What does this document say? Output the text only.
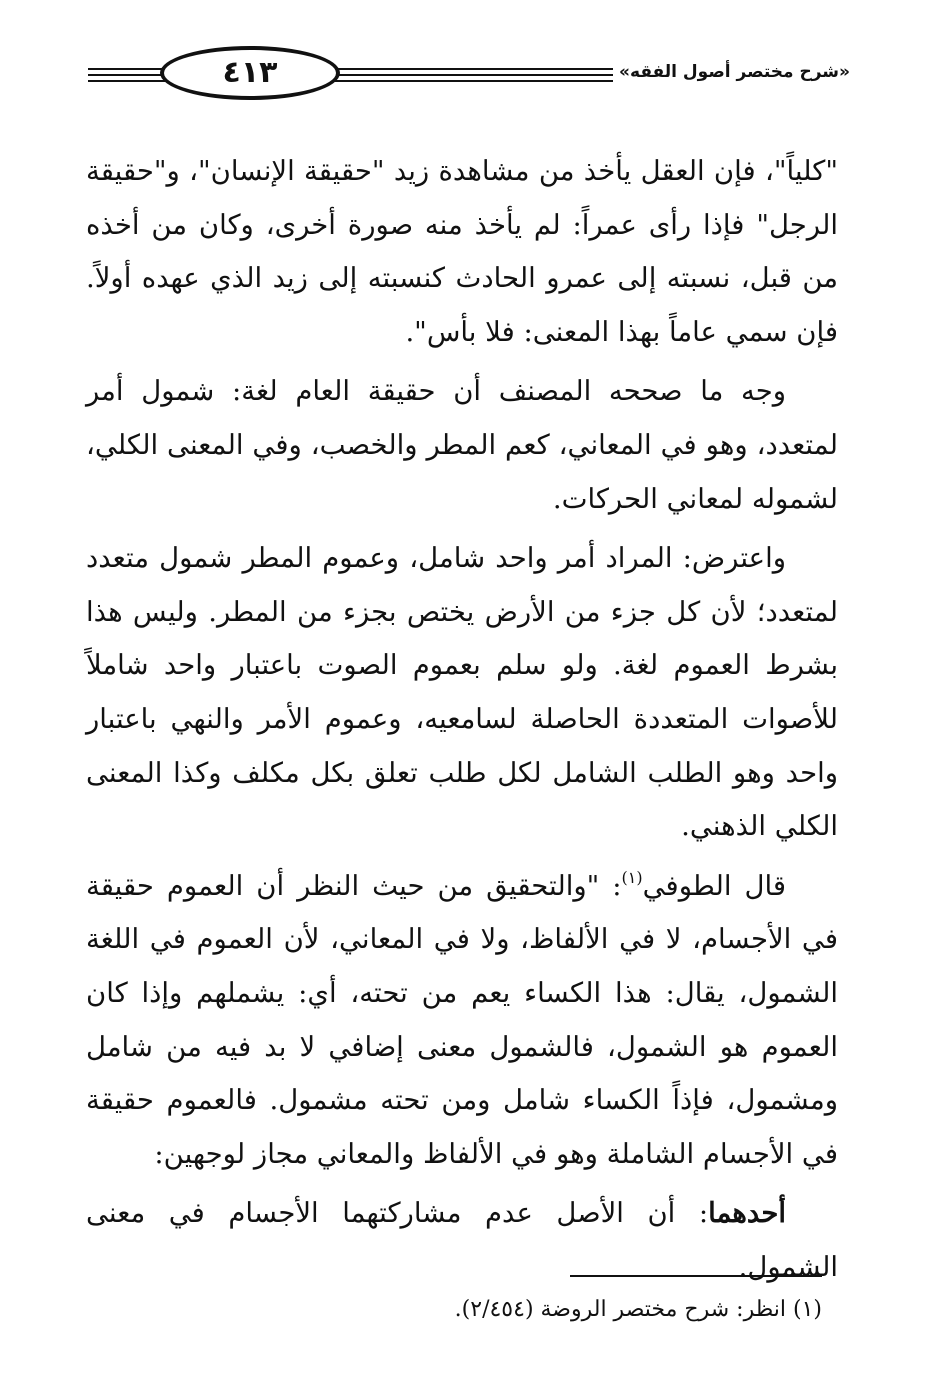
٤١٣	«شرح مختصر أصول الفقه»

"كلياً"، فإن العقل يأخذ من مشاهدة زيد "حقيقة الإنسان"، و"حقيقة الرجل" فإذا رأى عمراً: لم يأخذ منه صورة أخرى، وكان من أخذه من قبل، نسبته إلى عمرو الحادث كنسبته إلى زيد الذي عهده أولاً. فإن سمي عاماً بهذا المعنى: فلا بأس".

وجه ما صححه المصنف أن حقيقة العام لغة: شمول أمر لمتعدد، وهو في المعاني، كعم المطر والخصب، وفي المعنى الكلي، لشموله لمعاني الحركات.

واعترض: المراد أمر واحد شامل، وعموم المطر شمول متعدد لمتعدد؛ لأن كل جزء من الأرض يختص بجزء من المطر. وليس هذا بشرط العموم لغة. ولو سلم بعموم الصوت باعتبار واحد شاملاً للأصوات المتعددة الحاصلة لسامعيه، وعموم الأمر والنهي باعتبار واحد وهو الطلب الشامل لكل طلب تعلق بكل مكلف وكذا المعنى الكلي الذهني.

قال الطوفي$^{(١)}$: "والتحقيق من حيث النظر أن العموم حقيقة في الأجسام، لا في الألفاظ، ولا في المعاني، لأن العموم في اللغة الشمول، يقال: هذا الكساء يعم من تحته، أي: يشملهم وإذا كان العموم هو الشمول، فالشمول معنى إضافي لا بد فيه من شامل ومشمول، فإذاً الكساء شامل ومن تحته مشمول. فالعموم حقيقة في الأجسام الشاملة وهو في الألفاظ والمعاني مجاز لوجهين:

أحدهما: أن الأصل عدم مشاركتهما الأجسام في معنى الشمول.

(١) انظر: شرح مختصر الروضة (٢/٤٥٤).
